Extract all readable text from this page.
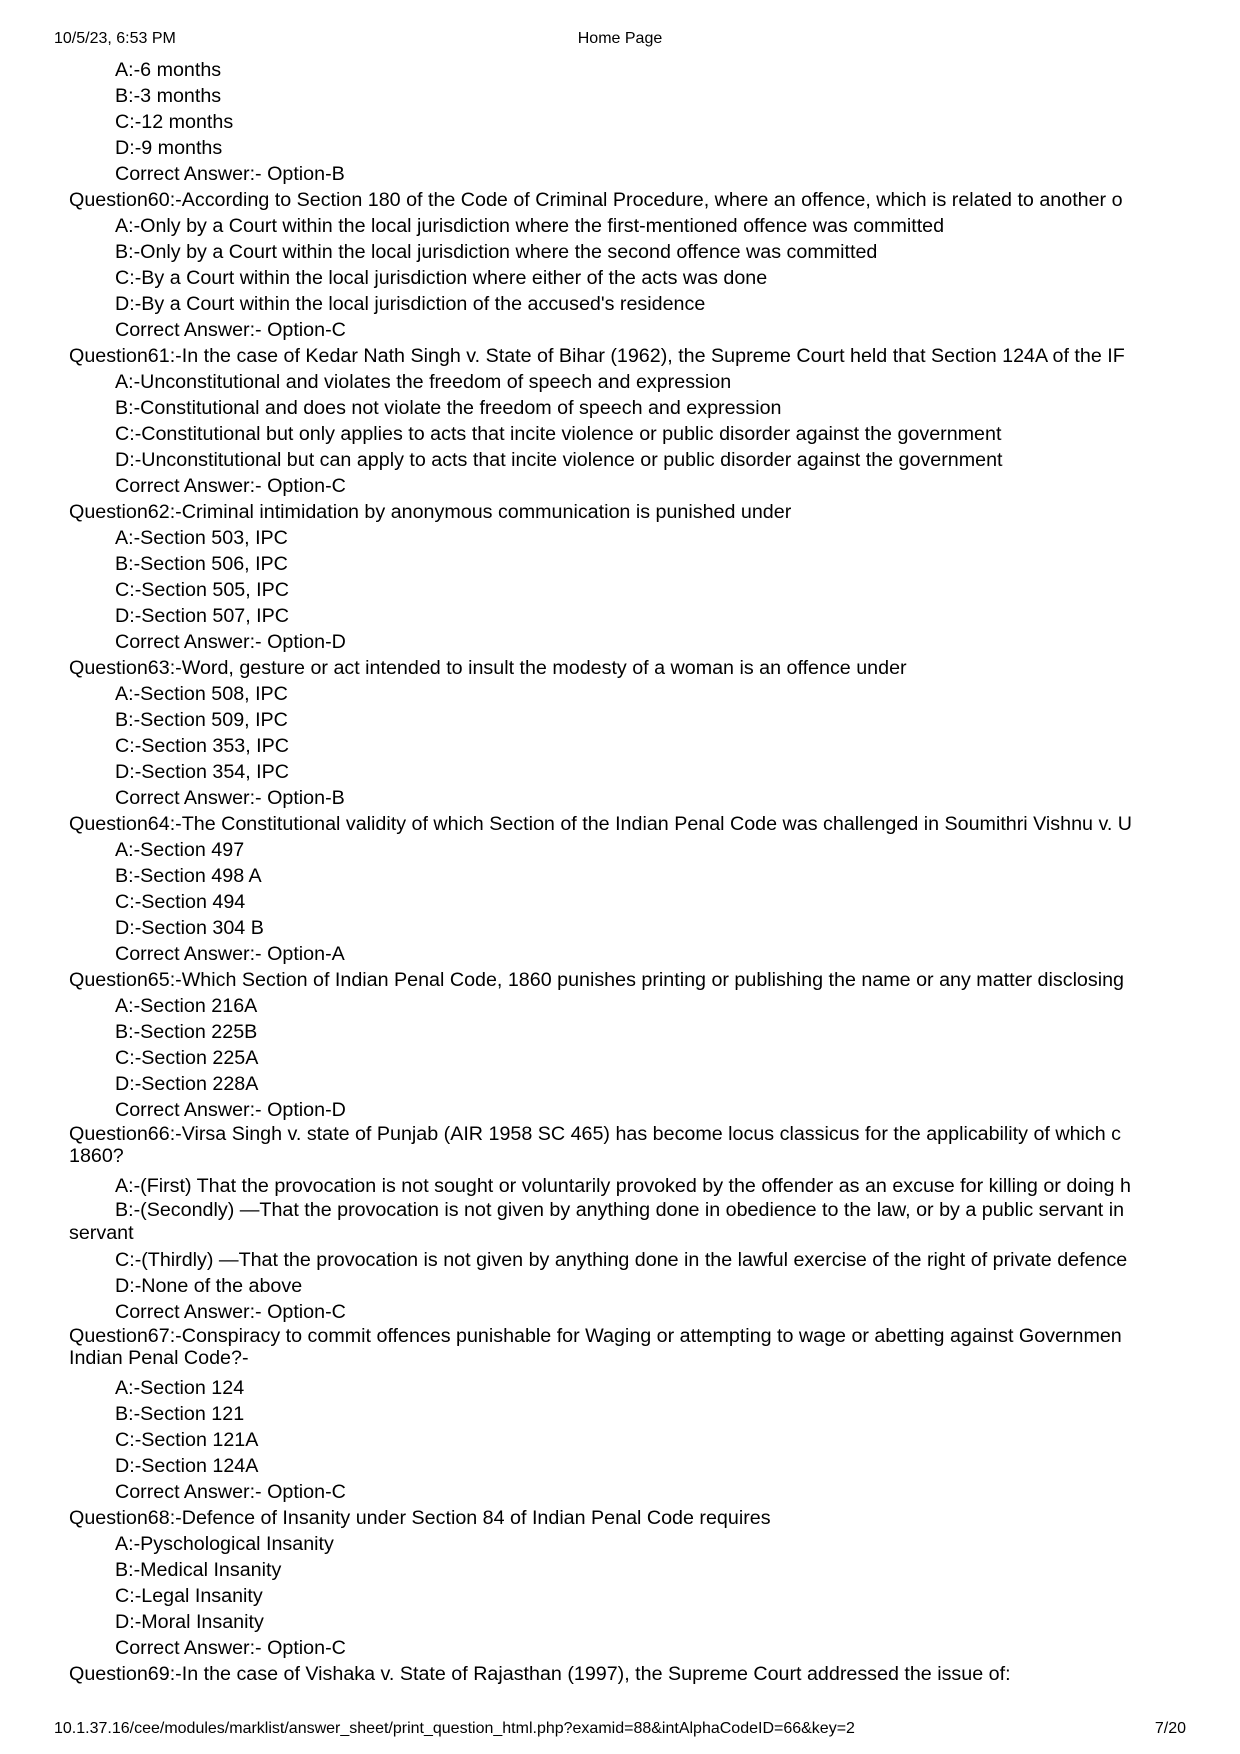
10/5/23, 6:53 PM	Home Page
A:-6 months
B:-3 months
C:-12 months
D:-9 months
Correct Answer:- Option-B
Question60:-According to Section 180 of the Code of Criminal Procedure, where an offence, which is related to another o
A:-Only by a Court within the local jurisdiction where the first-mentioned offence was committed
B:-Only by a Court within the local jurisdiction where the second offence was committed
C:-By a Court within the local jurisdiction where either of the acts was done
D:-By a Court within the local jurisdiction of the accused's residence
Correct Answer:- Option-C
Question61:-In the case of Kedar Nath Singh v. State of Bihar (1962), the Supreme Court held that Section 124A of the IF
A:-Unconstitutional and violates the freedom of speech and expression
B:-Constitutional and does not violate the freedom of speech and expression
C:-Constitutional but only applies to acts that incite violence or public disorder against the government
D:-Unconstitutional but can apply to acts that incite violence or public disorder against the government
Correct Answer:- Option-C
Question62:-Criminal intimidation by anonymous communication is punished under
A:-Section 503, IPC
B:-Section 506, IPC
C:-Section 505, IPC
D:-Section 507, IPC
Correct Answer:- Option-D
Question63:-Word, gesture or act intended to insult the modesty of a woman is an offence under
A:-Section 508, IPC
B:-Section 509, IPC
C:-Section 353, IPC
D:-Section 354, IPC
Correct Answer:- Option-B
Question64:-The Constitutional validity of which Section of the Indian Penal Code was challenged in Soumithri Vishnu v. U
A:-Section 497
B:-Section 498 A
C:-Section 494
D:-Section 304 B
Correct Answer:- Option-A
Question65:-Which Section of Indian Penal Code, 1860 punishes printing or publishing the name or any matter disclosing
A:-Section 216A
B:-Section 225B
C:-Section 225A
D:-Section 228A
Correct Answer:- Option-D
Question66:-Virsa Singh v. state of Punjab (AIR 1958 SC 465) has become locus classicus for the applicability of which c
1860?
A:-(First) That the provocation is not sought or voluntarily provoked by the offender as an excuse for killing or doing h
B:-(Secondly) —That the provocation is not given by anything done in obedience to the law, or by a public servant in
servant
C:-(Thirdly) —That the provocation is not given by anything done in the lawful exercise of the right of private defence
D:-None of the above
Correct Answer:- Option-C
Question67:-Conspiracy to commit offences punishable for Waging or attempting to wage or abetting against Governmen
Indian Penal Code?-
A:-Section 124
B:-Section 121
C:-Section 121A
D:-Section 124A
Correct Answer:- Option-C
Question68:-Defence of Insanity under Section 84 of Indian Penal Code requires
A:-Pyschological Insanity
B:-Medical Insanity
C:-Legal Insanity
D:-Moral Insanity
Correct Answer:- Option-C
Question69:-In the case of Vishaka v. State of Rajasthan (1997), the Supreme Court addressed the issue of:
10.1.37.16/cee/modules/marklist/answer_sheet/print_question_html.php?examid=88&intAlphaCodeID=66&key=2	7/20
